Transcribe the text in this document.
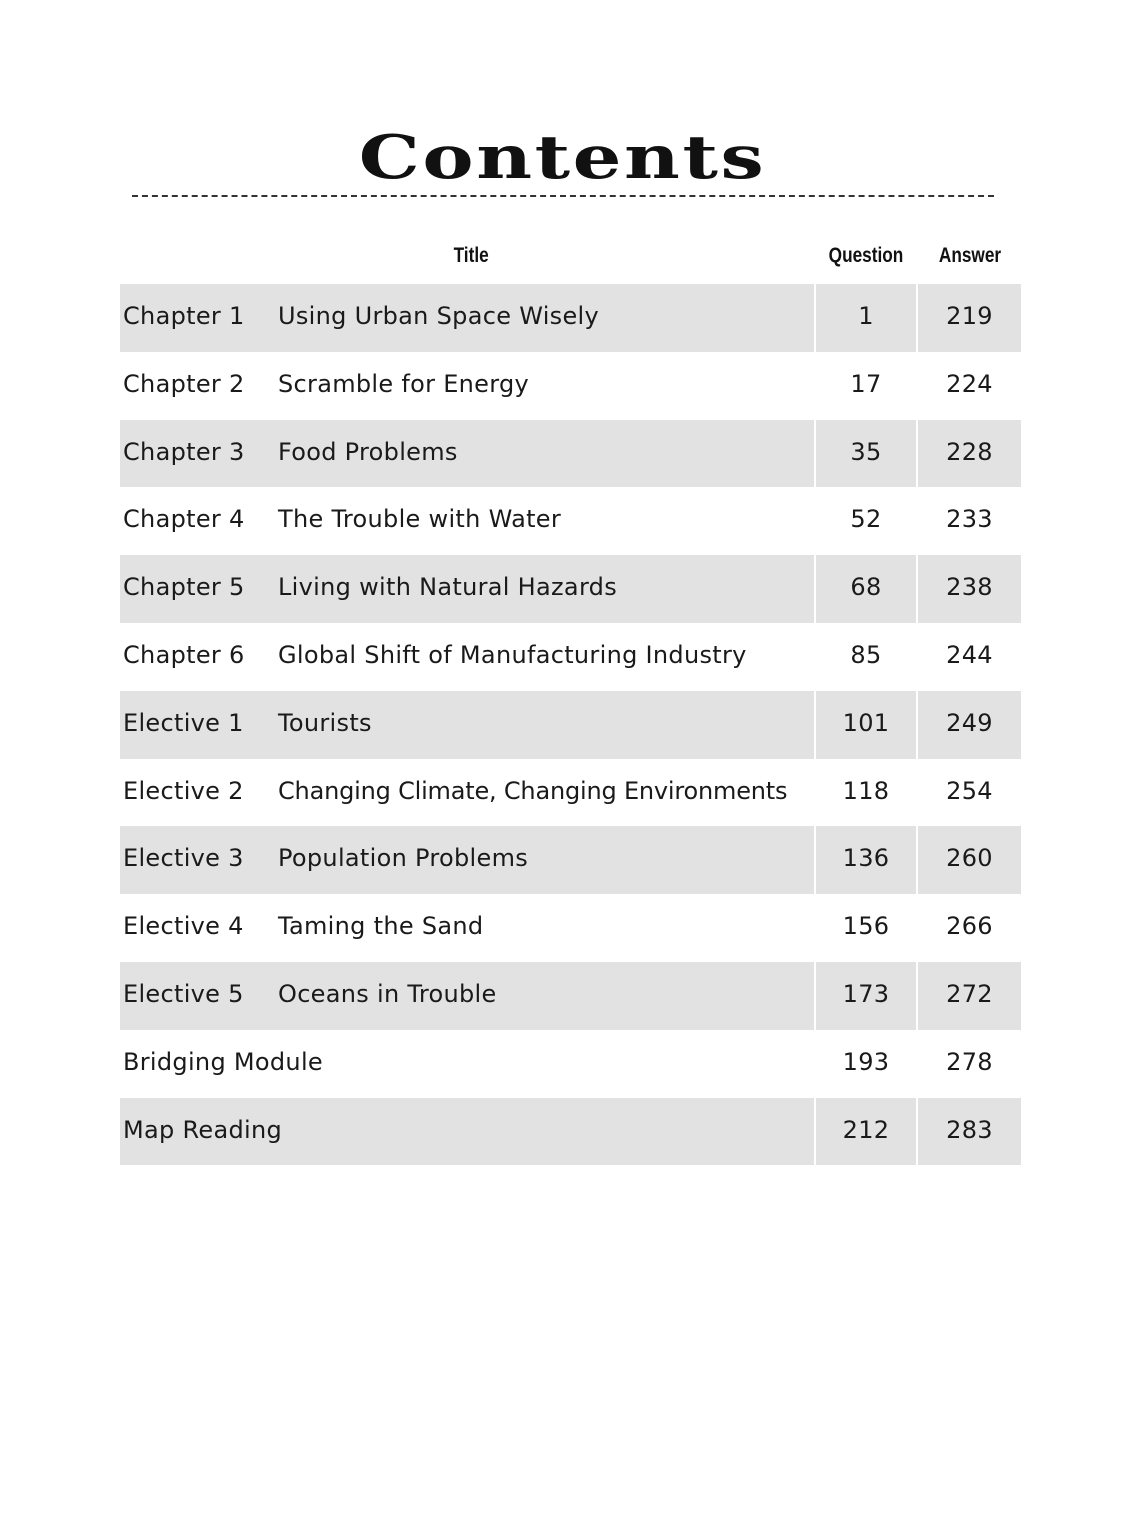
Contents
Title	Question	Answer
Chapter 1 Using Urban Space Wisely	1	219
Chapter 2 Scramble for Energy	17	224
Chapter 3 Food Problems	35	228
Chapter 4 The Trouble with Water	52	233
Chapter 5 Living with Natural Hazards	68	238
Chapter 6 Global Shift of Manufacturing Industry	85	244
Elective 1 Tourists	101	249
Elective 2 Changing Climate, Changing Environments	118	254
Elective 3 Population Problems	136	260
Elective 4 Taming the Sand	156	266
Elective 5 Oceans in Trouble	173	272
Bridging Module	193	278
Map Reading	212	283
